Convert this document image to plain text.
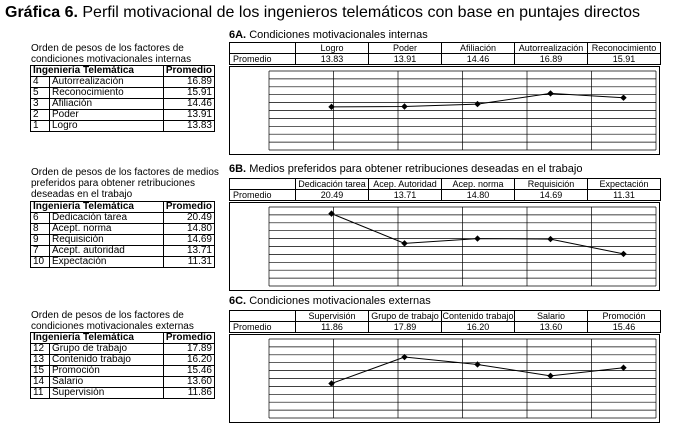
Gráfica 6. Perfil motivacional de los ingenieros telemáticos con base en puntajes directos
Orden de pesos de los factores de condiciones motivacionales internas
Ingeniería Telemática		Promedio
4	Autorrealización	16.89
5	Reconocimiento	15.91
3	Afiliación	14.46
2	Poder	13.91
1	Logro	13.83
6A. Condiciones motivacionales internas
	Logro	Poder	Afiliación	Autorrealización	Reconocimiento
Promedio	13.83	13.91	14.46	16.89	15.91
Orden de pesos de los factores de medios preferidos para obtener retribuciones deseadas en el trabajo
Ingeniería Telemática		Promedio
6	Dedicación tarea	20.49
8	Acept. norma	14.80
9	Requisición	14.69
7	Acept. autoridad	13.71
10	Expectación	11.31
6B. Medios preferidos para obtener retribuciones deseadas en el trabajo
	Dedicación tarea	Acep. Autoridad	Acep. norma	Requisición	Expectación
Promedio	20.49	13.71	14.80	14.69	11.31
Orden de pesos de los factores de condiciones motivacionales externas
Ingeniería Telemática		Promedio
12	Grupo de trabajo	17.89
13	Contenido trabajo	16.20
15	Promoción	15.46
14	Salario	13.60
11	Supervisión	11.86
6C. Condiciones motivacionales externas
	Supervisión	Grupo de trabajo	Contenido trabajo	Salario	Promoción
Promedio	11.86	17.89	16.20	13.60	15.46
